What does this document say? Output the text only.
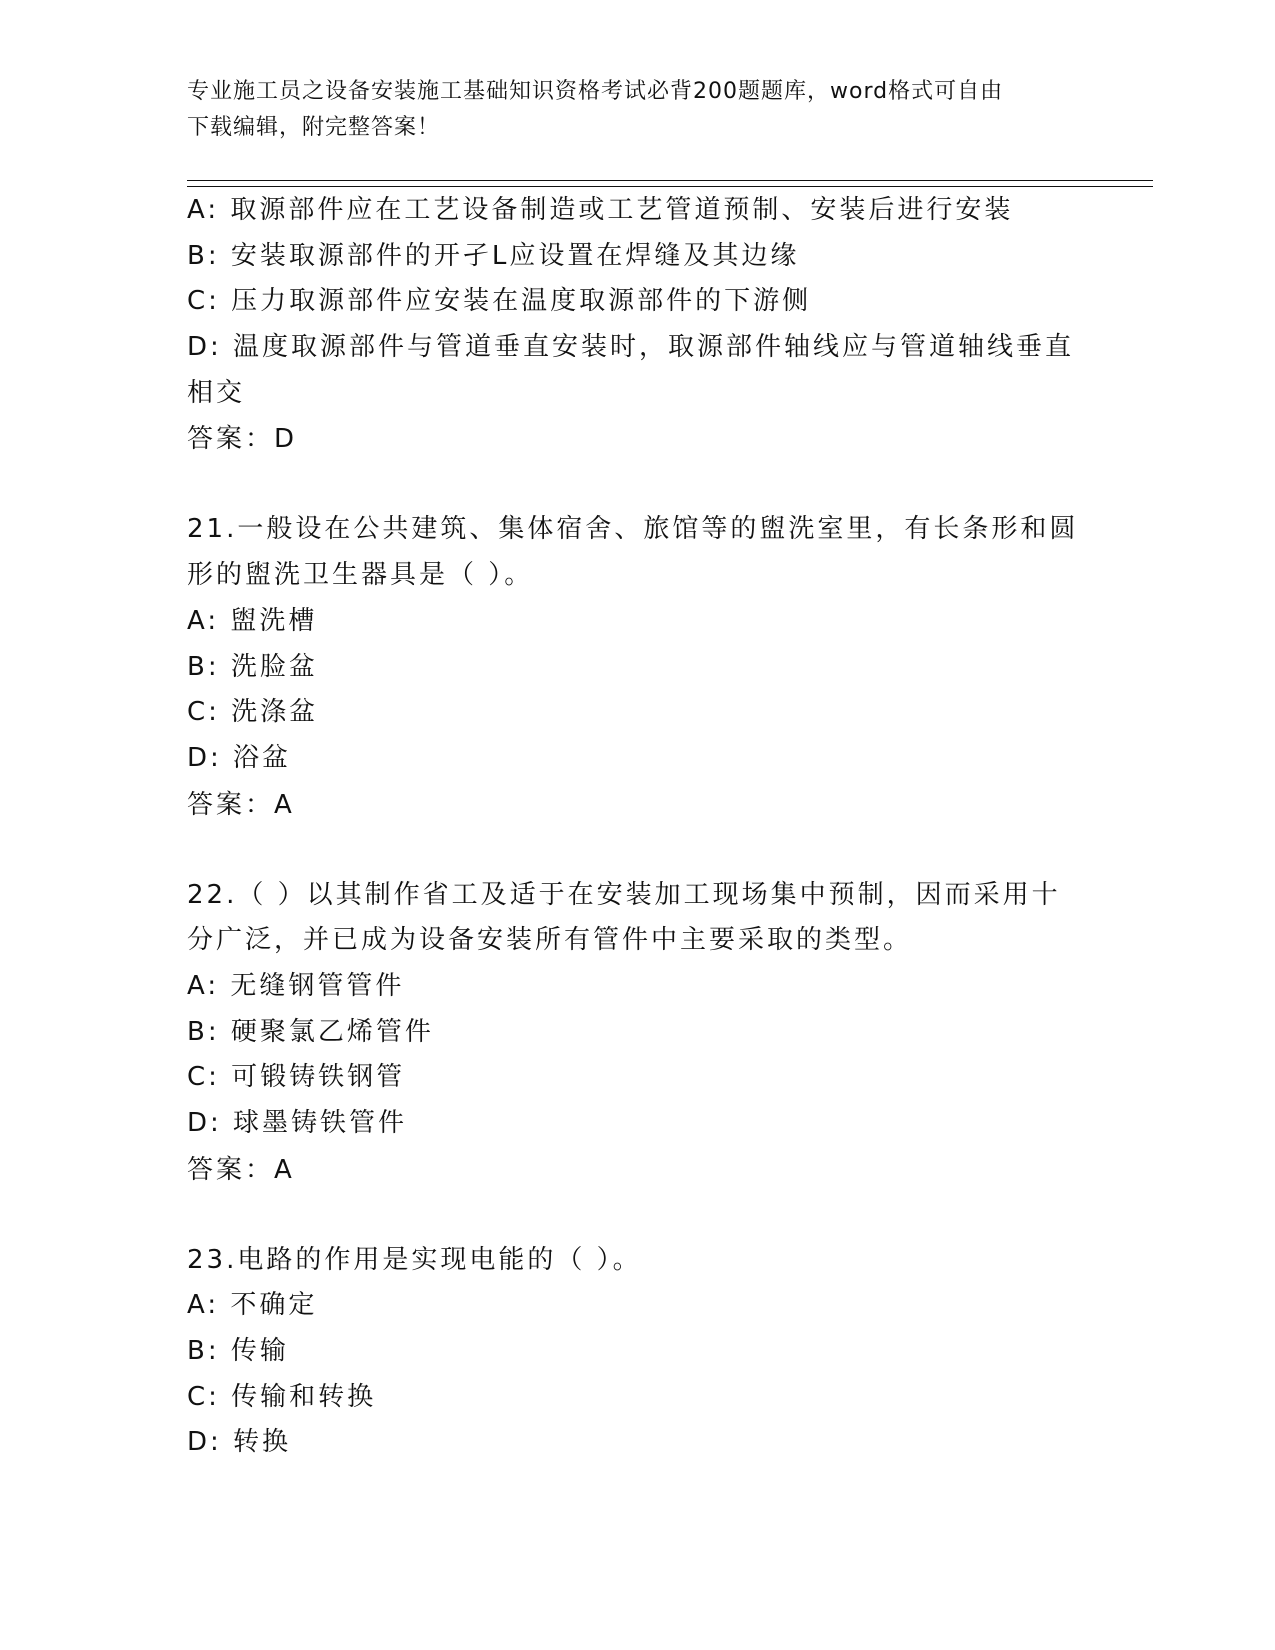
专业施工员之设备安装施工基础知识资格考试必背200题题库，word格式可自由
下载编辑，附完整答案！
A: 取源部件应在工艺设备制造或工艺管道预制、安装后进行安装
B: 安装取源部件的开孑L应设置在焊缝及其边缘
C: 压力取源部件应安装在温度取源部件的下游侧
D: 温度取源部件与管道垂直安装时，取源部件轴线应与管道轴线垂直
相交
答案：D
21.一般设在公共建筑、集体宿舍、旅馆等的盥洗室里，有长条形和圆
形的盥洗卫生器具是（ ）。
A: 盥洗槽
B: 洗脸盆
C: 洗涤盆
D: 浴盆
答案：A
22.（ ）以其制作省工及适于在安装加工现场集中预制，因而采用十
分广泛，并已成为设备安装所有管件中主要采取的类型。
A: 无缝钢管管件
B: 硬聚氯乙烯管件
C: 可锻铸铁钢管
D: 球墨铸铁管件
答案：A
23.电路的作用是实现电能的（ ）。
A: 不确定
B: 传输
C: 传输和转换
D: 转换
